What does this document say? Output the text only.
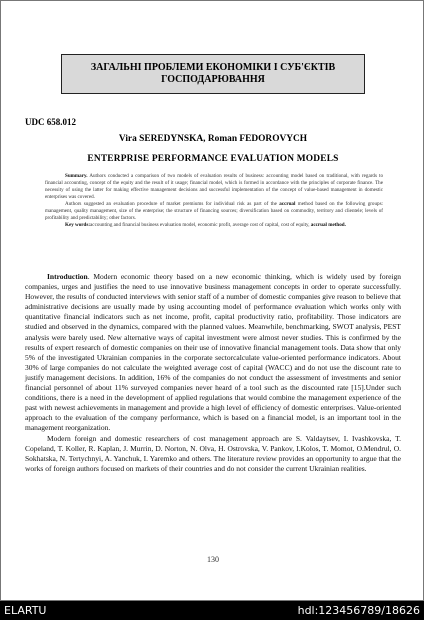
ЗАГАЛЬНІ ПРОБЛЕМИ ЕКОНОМІКИ І СУБ'ЄКТІВ ГОСПОДАРЮВАННЯ
UDC 658.012
Vira SEREDYNSKA, Roman FEDOROVYCH
ENTERPRISE PERFORMANCE EVALUATION MODELS

Summary. Authors conducted a comparison of two models of evaluation results of business: accounting model based on traditional, with regards to financial accounting, concept of the equity and the result of it usage; financial model, which is formed in accordance with the principles of corporate finance. The necessity of using the latter for making effective management decisions and successful implementation of the concept of value-based management in domestic enterprises was covered.

Authors suggested an evaluation procedure of market premiums for individual risk as part of the accrual method based on the following groups: management, quality management, size of the enterprise; the structure of financing sources; diversification based on commodity, territory and clientele; levels of profitability and predictability; other factors.

Key words:accounting and financial business evaluation model, economic profit, average cost of capital, cost of equity, accrual method.

Introduction. Modern economic theory based on a new economic thinking, which is widely used by foreign companies, urges and justifies the need to use innovative business management concepts in order to operate successfully. However, the results of conducted interviews with senior staff of a number of domestic companies give reason to believe that administrative decisions are usually made by using accounting model of performance evaluation which works only with quantitative financial indicators such as net income, profit, capital productivity ratio, profitability. Those indicators are studied and observed in the dynamics, compared with the planned values. Meanwhile, benchmarking, SWOT analysis, PEST analysis were barely used. New alternative ways of capital investment were almost never studies. This is confirmed by the results of expert research of domestic companies on their use of innovative financial management tools. Data show that only 5% of the investigated Ukrainian companies in the corporate sectorcalculate value-oriented performance indicators. About 30% of large companies do not calculate the weighted average cost of capital (WACC) and do not use the discount rate to justify management decisions. In addition, 16% of the companies do not conduct the assessment of investments and senior financial personnel of about 11% surveyed companies never heard of a tool such as the discounted rate [15].Under such conditions, there is a need in the development of applied regulations that would combine the management experience of the past with newest achievements in management and provide a high level of efficiency of domestic enterprises. Value-oriented approach to the evaluation of the company performance, which is based on a financial model, is an important tool in the management reorganization.

Modern foreign and domestic researchers of cost management approach are S. Valdaytsev, I. Ivashkovska, T. Copeland, T. Koller, R. Kaplan, J. Murrin, D. Norton, N. Olva, H. Ostrovska, V. Pankov, I.Kolos, T. Momot, O.Mendrul, O. Sokhatska, N. Tertychnyi, A. Yanchuk, I. Yaremko and others. The literature review provides an opportunity to argue that the works of foreign authors focused on markets of their countries and do not consider the current Ukrainian realities.

130
ELARTU	hdl:123456789/18626
